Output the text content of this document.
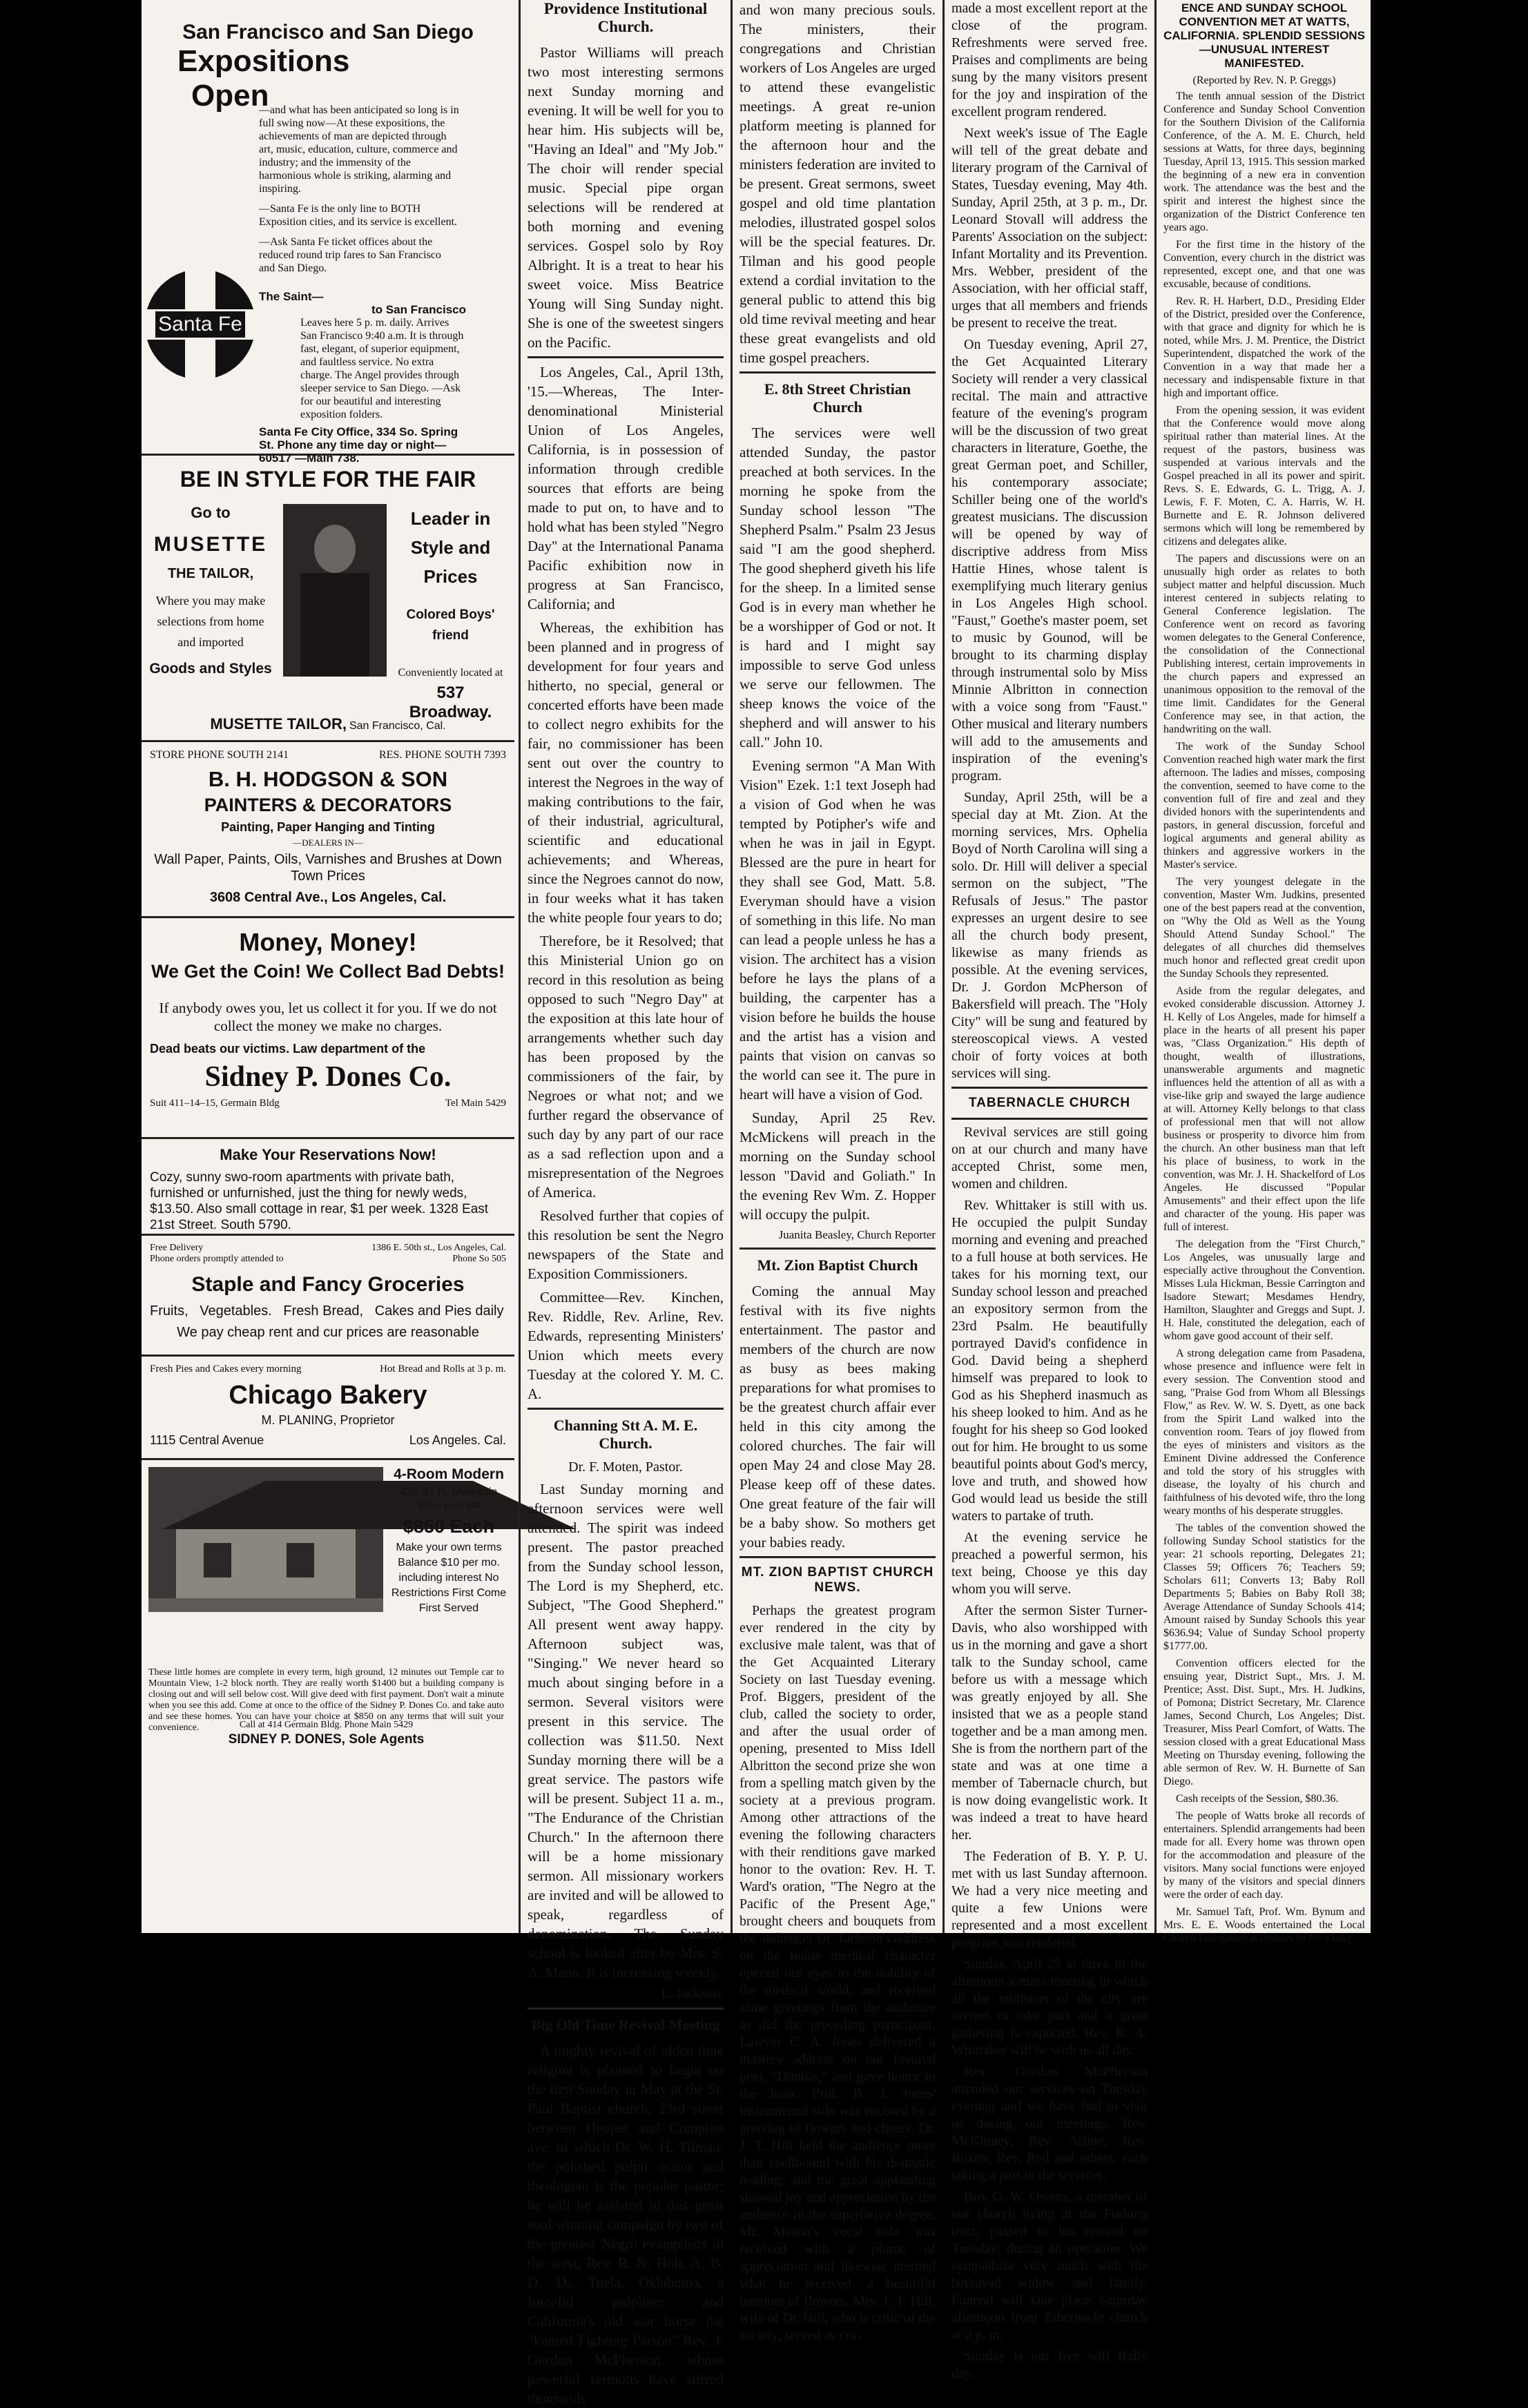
San Francisco and San Diego
Expositions
Open
—and what has been anticipated so long is in full swing now—At these expositions, the achievements of man are depicted through art, music, education, culture, commerce and industry; and the immensity of the harmonious whole is striking, alarming and inspiring.
—Santa Fe is the only line to BOTH Exposition cities, and its service is excellent.
—Ask Santa Fe ticket offices about the reduced round trip fares to San Francisco and San Diego.
The Saint—
to San Francisco
Leaves here 5 p. m. daily. Arrives San Francisco 9:40 a.m. It is through fast, elegant, of superior equipment, and faultless service. No extra charge. The Angel provides through sleeper service to San Diego. —Ask for our beautiful and interesting exposition folders.
Santa Fe City Office, 334 So. Spring St. Phone any time day or night—60517 —Main 738.
Santa Fe
BE IN STYLE FOR THE FAIR
Go to
MUSETTE
THE TAILOR,
Where you may make selections from home and imported
Goods and Styles
Leader in Style and Prices
Colored Boys' friend
Conveniently located at
537 Broadway.
MUSETTE TAILOR, San Francisco, Cal.
STORE PHONE SOUTH 2141	RES. PHONE SOUTH 7393
B. H. HODGSON & SON
PAINTERS & DECORATORS
Painting, Paper Hanging and Tinting
—DEALERS IN—
Wall Paper, Paints, Oils, Varnishes and Brushes at Down Town Prices
3608 Central Ave., Los Angeles, Cal.
Money, Money!
We Get the Coin! We Collect Bad Debts!
If anybody owes you, let us collect it for you. If we do not collect the money we make no charges.
Dead beats our victims. Law department of the
Sidney P. Dones Co.
Suit 411–14–15, Germain Bldg	Tel Main 5429
Make Your Reservations Now!
Cozy, sunny swo-room apartments with private bath, furnished or unfurnished, just the thing for newly weds, $13.50. Also small cottage in rear, $1 per week. 1328 East 21st Street. South 5790.
Free Delivery	1386 E. 50th st., Los Angeles, Cal.
Phone orders promptly attended to	Phone So 505
Staple and Fancy Groceries
Fruits,   Vegetables.   Fresh Bread,   Cakes and Pies daily
We pay cheap rent and cur prices are reasonable
Fresh Pies and Cakes every morning	Hot Bread and Rolls at 3 p. m.
Chicago Bakery
M. PLANING, Proprietor
1115 Central Avenue	Los Angeles. Cal.
4-Room Modern
435-37 N. Mountain View avenue
$850 Each
Make your own terms Balance $10 per mo. including interest No Restrictions First Come First Served
These little homes are complete in every term, high ground, 12 minutes out Temple car to Mountain View, 1-2 block north. They are really worth $1400 but a building company is closing out and will sell below cost. Will give deed with first payment. Don't wait a minute when you see this add. Come at once to the office of the Sidney P. Dones Co. and take auto and see these homes. You can have your choice at $850 on any terms that will suit your convenience.	Call at 414 Germain Bldg. Phone Main 5429
SIDNEY P. DONES, Sole Agents
Providence Institutional Church.

Pastor Williams will preach two most interesting sermons next Sunday morning and evening. It will be well for you to hear him. His subjects will be, "Having an Ideal" and "My Job." The choir will render special music. Special pipe organ selections will be rendered at both morning and evening services. Gospel solo by Roy Albright. It is a treat to hear his sweet voice. Miss Beatrice Young will Sing Sunday night. She is one of the sweetest singers on the Pacific.

Los Angeles, Cal., April 13th, '15.—Whereas, The Inter-denominational Ministerial Union of Los Angeles, California, is in possession of information through credible sources that efforts are being made to put on, to have and to hold what has been styled "Negro Day" at the International Panama Pacific exhibition now in progress at San Francisco, California; and

Whereas, the exhibition has been planned and in progress of development for four years and hitherto, no special, general or concerted efforts have been made to collect negro exhibits for the fair, no commissioner has been sent out over the country to interest the Negroes in the way of making contributions to the fair, of their industrial, agricultural, scientific and educational achievements; and Whereas, since the Negroes cannot do now, in four weeks what it has taken the white people four years to do;

Therefore, be it Resolved; that this Ministerial Union go on record in this resolution as being opposed to such "Negro Day" at the exposition at this late hour of arrangements whether such day has been proposed by the commissioners of the fair, by Negroes or what not; and we further regard the observance of such day by any part of our race as a sad reflection upon and a misrepresentation of the Negroes of America.

Resolved further that copies of this resolution be sent the Negro newspapers of the State and Exposition Commissioners.

Committee—Rev. Kinchen, Rev. Riddle, Rev. Arline, Rev. Edwards, representing Ministers' Union which meets every Tuesday at the colored Y. M. C. A.

Channing Stt A. M. E. Church.
Dr. F. Moten, Pastor.

Last Sunday morning and afternoon services were well attended. The spirit was indeed present. The pastor preached from the Sunday school lesson, The Lord is my Shepherd, etc. Subject, "The Good Shepherd." All present went away happy. Afternoon subject was, "Singing." We never heard so much about singing before in a sermon. Several visitors were present in this service. The collection was $11.50. Next Sunday morning there will be a great service. The pastors wife will be present. Subject 11 a. m., "The Endurance of the Christian Church." In the afternoon there will be a home missionary sermon. All missionary workers are invited and will be allowed to speak, regardless of denomination. The Sunday school is looked after by Mrs. S. A. Mann. It is increasing weekly.

L. Jackson.
Big Old Time Revival Meeting

A mighty revival of olden time religion is planned to begin on the first Sunday in May at the St. Paul Baptist church, 23rd street between Hooper and Compton ave. of which Dr. W. H. Tilman, the polished pulpit orator and theologian is the popular pastor; he will be assisted in this great soul winning campaign by two of the greatest Negro evangelists in the west, Rev. R. N. Holt, A. B. D. D., Tuela, Oklahoma, a forceful pulpiteer and California's old war horse the "Famed Fighting Parson" Rev. J. Gordon McPherson, whose powerful sermons have stirred thousands

and won many precious souls. The ministers, their congregations and Christian workers of Los Angeles are urged to attend these evangelistic meetings. A great re-union platform meeting is planned for the afternoon hour and the ministers federation are invited to be present. Great sermons, sweet gospel and old time plantation melodies, illustrated gospel solos will be the special features. Dr. Tilman and his good people extend a cordial invitation to the general public to attend this big old time revival meeting and hear these great evangelists and old time gospel preachers.

E. 8th Street Christian Church

The services were well attended Sunday, the pastor preached at both services. In the morning he spoke from the Sunday school lesson "The Shepherd Psalm." Psalm 23 Jesus said "I am the good shepherd. The good shepherd giveth his life for the sheep. In a limited sense God is in every man whether he be a worshipper of God or not. It is hard and I might say impossible to serve God unless we serve our fellowmen. The sheep knows the voice of the shepherd and will answer to his call." John 10.

Evening sermon "A Man With Vision" Ezek. 1:1 text Joseph had a vision of God when he was tempted by Potipher's wife and when he was in jail in Egypt. Blessed are the pure in heart for they shall see God, Matt. 5.8. Everyman should have a vision of something in this life. No man can lead a people unless he has a vision. The architect has a vision before he lays the plans of a building, the carpenter has a vision before he builds the house and the artist has a vision and paints that vision on canvas so the world can see it. The pure in heart will have a vision of God.

Sunday, April 25 Rev. McMickens will preach in the morning on the Sunday school lesson "David and Goliath." In the evening Rev Wm. Z. Hopper will occupy the pulpit.

Juanita Beasley, Church Reporter
Mt. Zion Baptist Church

Coming the annual May festival with its five nights entertainment. The pastor and members of the church are now as busy as bees making preparations for what promises to be the greatest church affair ever held in this city among the colored churches. The fair will open May 24 and close May 28. Please keep off of these dates. One great feature of the fair will be a baby show. So mothers get your babies ready.

MT. ZION BAPTIST CHURCH NEWS.

Perhaps the greatest program ever rendered in the city by exclusive male talent, was that of the Get Acquainted Literary Society on last Tuesday evening. Prof. Biggers, president of the club, called the society to order, and after the usual order of opening, presented to Miss Idell Albritton the second prize she won from a spelling match given by the society at a previous program. Among other attractions of the evening the following characters with their renditions gave marked honor to the ovation: Rev. H. T. Ward's oration, "The Negro at the Pacific of the Present Age," brought cheers and bouquets from the audience; Dr. Tarleton's address on the noble medical character opened our eyes to the nobility of the medical world, and received same greetings from the audience as did the preceding participant. Lawyer C. A. Jones delivered a mastery address on our favored poet, "Dunbar," and gave honor to the hour. Prof. B. J. Jones' instrumental solo was encored by a greeting of flowers and cheers. Dr. J. T. Hill held the audience more than spellbound with his dramatic reading; and the great applauding showed joy and appreciation by the audience in the superlative degree. Mr. Mason's vocal solo was received with a plume of appreciation and likewise merited what he received, a beautiful bouquet of flowers. Mrs. J. T. Hill, wife of Dr. Hill, who is critic of the society, served as crit-

made a most excellent report at the close of the program. Refreshments were served free. Praises and compliments are being sung by the many visitors present for the joy and inspiration of the excellent program rendered.

Next week's issue of The Eagle will tell of the great debate and literary program of the Carnival of States, Tuesday evening, May 4th. Sunday, April 25th, at 3 p. m., Dr. Leonard Stovall will address the Parents' Association on the subject: Infant Mortality and its Prevention. Mrs. Webber, president of the Association, with her official staff, urges that all members and friends be present to receive the treat.

On Tuesday evening, April 27, the Get Acquainted Literary Society will render a very classical recital. The main and attractive feature of the evening's program will be the discussion of two great characters in literature, Goethe, the great German poet, and Schiller, his contemporary associate; Schiller being one of the world's greatest musicians. The discussion will be opened by way of discriptive address from Miss Hattie Hines, whose talent is exemplifying much literary genius in Los Angeles High school. "Faust," Goethe's master poem, set to music by Gounod, will be brought to its charming display through instrumental solo by Miss Minnie Albritton in connection with a voice song from "Faust." Other musical and literary numbers will add to the amusements and inspiration of the evening's program.

Sunday, April 25th, will be a special day at Mt. Zion. At the morning services, Mrs. Ophelia Boyd of North Carolina will sing a solo. Dr. Hill will deliver a special sermon on the subject, "The Refusals of Jesus." The pastor expresses an urgent desire to see all the church body present, likewise as many friends as possible. At the evening services, Dr. J. Gordon McPherson of Bakersfield will preach. The "Holy City" will be sung and featured by stereoscopical views. A vested choir of forty voices at both services will sing.

TABERNACLE CHURCH

Revival services are still going on at our church and many have accepted Christ, some men, women and children.

Rev. Whittaker is still with us. He occupied the pulpit Sunday morning and evening and preached to a full house at both services. He takes for his morning text, our Sunday school lesson and preached an expository sermon from the 23rd Psalm. He beautifully portrayed David's confidence in God. David being a shepherd himself was prepared to look to God as his Shepherd inasmuch as his sheep looked to him. And as he fought for his sheep so God looked out for him. He brought to us some beautiful points about God's mercy, love and truth, and showed how God would lead us beside the still waters to partake of truth.

At the evening service he preached a powerful sermon, his text being, Choose ye this day whom you will serve.

After the sermon Sister Turner-Davis, who also worshipped with us in the morning and gave a short talk to the Sunday school, came before us with a message which was greatly enjoyed by all. She insisted that we as a people stand together and be a man among men. She is from the northern part of the state and was at one time a member of Tabernacle church, but is now doing evangelistic work. It was indeed a treat to have heard her.

The Federation of B. Y. P. U. met with us last Sunday afternoon. We had a very nice meeting and quite a few Unions were represented and a most excellent program was rendered.

Sunday, April 25 at three in the afternoon a mass meeting in which all the ministers of the city are invited to take part and a great gathering is expected. Rev. R. A. Whittaker will be with us all day.

Rev. Gordon McPherson attended our services on Tuesday evening and we have had to visit us during our meetings, Rev. McKinney, Rev. Arline, Rev. Rozier, Rev. Red and others, each taking a part in the services.

Bro. G. W. Owens, a member of our church living at the Furlong tract, passed to his reward on Tuesday, during an operation. We sympathize very much with the bereaved widow and family. Funeral will take place Saturday afternoon from Tabernacle church at 2 p. m.

Sunday is our free will Rally day.

ENCE AND SUNDAY SCHOOL CONVENTION MET AT WATTS, CALIFORNIA. SPLENDID SESSIONS—UNUSUAL INTEREST MANIFESTED.
(Reported by Rev. N. P. Greggs)

The tenth annual session of the District Conference and Sunday School Convention for the Southern Division of the California Conference, of the A. M. E. Church, held sessions at Watts, for three days, beginning Tuesday, April 13, 1915. This session marked the beginning of a new era in convention work. The attendance was the best and the spirit and interest the highest since the organization of the District Conference ten years ago.

For the first time in the history of the Convention, every church in the district was represented, except one, and that one was excusable, because of conditions.

Rev. R. H. Harbert, D.D., Presiding Elder of the District, presided over the Conference, with that grace and dignity for which he is noted, while Mrs. J. M. Prentice, the District Superintendent, dispatched the work of the Convention in a way that made her a necessary and indispensable fixture in that high and important office.

From the opening session, it was evident that the Conference would move along spiritual rather than material lines. At the request of the pastors, business was suspended at various intervals and the Gospel preached in all its power and spirit. Revs. S. E. Edwards, G. L. Trigg, A. J. Lewis, F. F. Moten, C. A. Harris, W. H. Burnette and E. R. Johnson delivered sermons which will long be remembered by citizens and delegates alike.

The papers and discussions were on an unusually high order as relates to both subject matter and helpful discussion. Much interest centered in subjects relating to General Conference legislation. The Conference went on record as favoring women delegates to the General Conference, the consolidation of the Connectional Publishing interest, certain improvements in the church papers and expressed an unanimous opposition to the removal of the time limit. Candidates for the General Conference may see, in that action, the handwriting on the wall.

The work of the Sunday School Convention reached high water mark the first afternoon. The ladies and misses, composing the convention, seemed to have come to the convention full of fire and zeal and they divided honors with the superintendents and pastors, in general discussion, forceful and logical arguments and general ability as thinkers and aggressive workers in the Master's service.

The very youngest delegate in the convention, Master Wm. Judkins, presented one of the best papers read at the convention, on "Why the Old as Well as the Young Should Attend Sunday School." The delegates of all churches did themselves much honor and reflected great credit upon the Sunday Schools they represented.

Aside from the regular delegates, and evoked considerable discussion. Attorney J. H. Kelly of Los Angeles, made for himself a place in the hearts of all present his paper was, "Class Organization." His depth of thought, wealth of illustrations, unanswerable arguments and magnetic influences held the attention of all as with a vise-like grip and swayed the large audience at will. Attorney Kelly belongs to that class of professional men that will not allow business or prosperity to divorce him from the church. An other business man that left his place of business, to work in the convention, was Mr. J. H. Shackelford of Los Angeles. He discussed "Popular Amusements" and their effect upon the life and character of the young. His paper was full of interest.

The delegation from the "First Church," Los Angeles, was unusually large and especially active throughout the Convention. Misses Lula Hickman, Bessie Carrington and Isadore Stewart; Mesdames Hendry, Hamilton, Slaughter and Greggs and Supt. J. H. Hale, constituted the delegation, each of whom gave good account of their self.

A strong delegation came from Pasadena, whose presence and influence were felt in every session. The Convention stood and sang, "Praise God from Whom all Blessings Flow," as Rev. W. W. S. Dyett, as one back from the Spirit Land walked into the convention room. Tears of joy flowed from the eyes of ministers and visitors as the Eminent Divine addressed the Conference and told the story of his struggles with disease, the loyalty of his church and faithfulness of his devoted wife, thro the long weary months of his desperate struggles.

The tables of the convention showed the following Sunday School statistics for the year: 21 schools reporting, Delegates 21; Classes 59; Officers 76; Teachers 59; Scholars 611; Converts 13; Baby Roll Departments 5; Babies on Baby Roll 38; Average Attendance of Sunday Schools 414; Amount raised by Sunday Schools this year $636.94; Value of Sunday School property $1777.00.

Convention officers elected for the ensuing year, District Supt., Mrs. J. M. Prentice; Asst. Dist. Supt., Mrs. H. Judkins, of Pomona; District Secretary, Mr. Clarence James, Second Church, Los Angeles; Dist. Treasurer, Miss Pearl Comfort, of Watts. The session closed with a great Educational Mass Meeting on Thursday evening, following the able sermon of Rev. W. H. Burnette of San Diego.

Cash receipts of the Session, $80.36.

The people of Watts broke all records of entertainers. Splendid arrangements had been made for all. Every home was thrown open for the accommodation and pleasure of the visitors. Many social functions were enjoyed by many of the visitors and special dinners were the order of each day.

Mr. Samuel Taft, Prof. Wm. Bynum and Mrs. E. E. Woods entertained the Local Church Delegation at dinners fit for a king.
